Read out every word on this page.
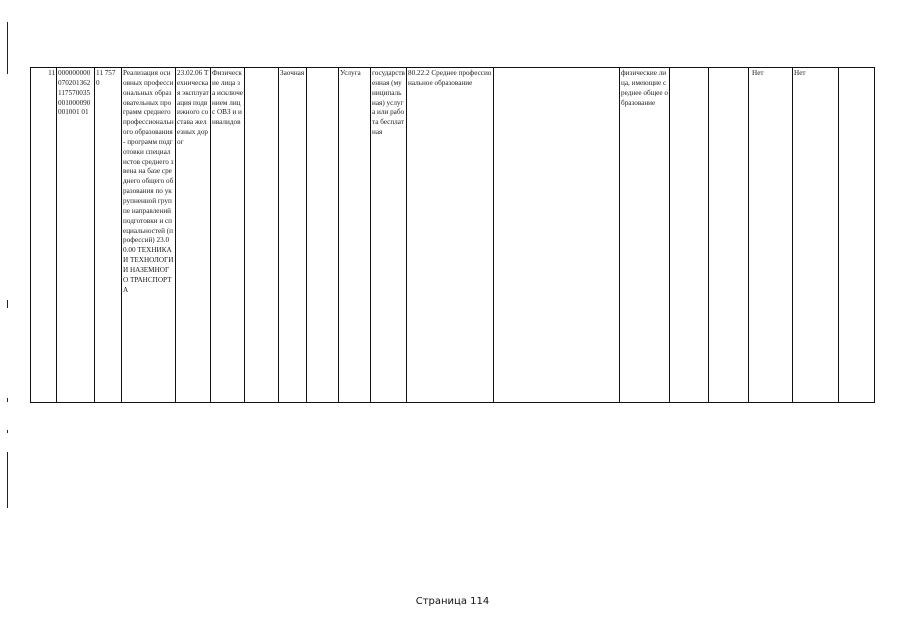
11	000000000070201362117570035001000090001001 01	11 757 0	Реализация основных профессиональных образовательных программ среднего профессионального образования - программ подготовки специалистов среднего звена на базе среднего общего образования по укрупненной группе направлений подготовки и специальностей (профессий) 23.00.00 ТЕХНИКА И ТЕХНОЛОГИИ НАЗЕМНОГО ТРАНСПОРТА	23.02.06 Техническая эксплуатация подвижного состава железных дорог	Физические лица за исключением лиц с ОВЗ и инвалидов		Заочная		Услуга	государственная (муниципальная) услуга или работа бесплатная	80.22.2 Среднее профессиональное образование		физические лица, имеющие среднее общее образование			Нет	Нет	
Страница 114
